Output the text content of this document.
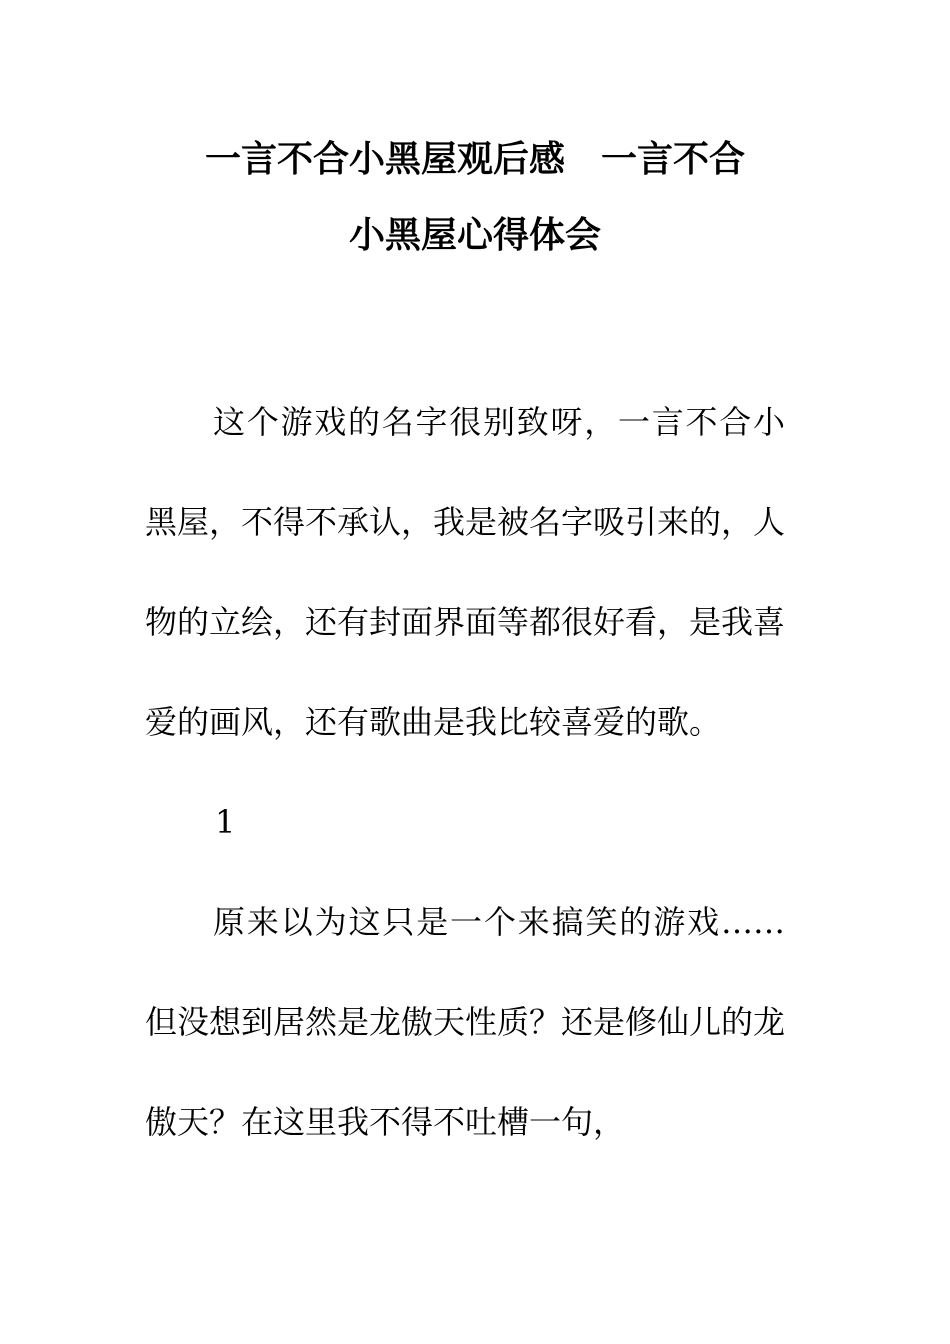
一言不合小黑屋观后感　一言不合
小黑屋心得体会

这个游戏的名字很别致呀，一言不合小黑屋，不得不承认，我是被名字吸引来的，人物的立绘，还有封面界面等都很好看，是我喜爱的画风，还有歌曲是我比较喜爱的歌。

1

原来以为这只是一个来搞笑的游戏……但没想到居然是龙傲天性质？还是修仙儿的龙傲天？在这里我不得不吐槽一句，
